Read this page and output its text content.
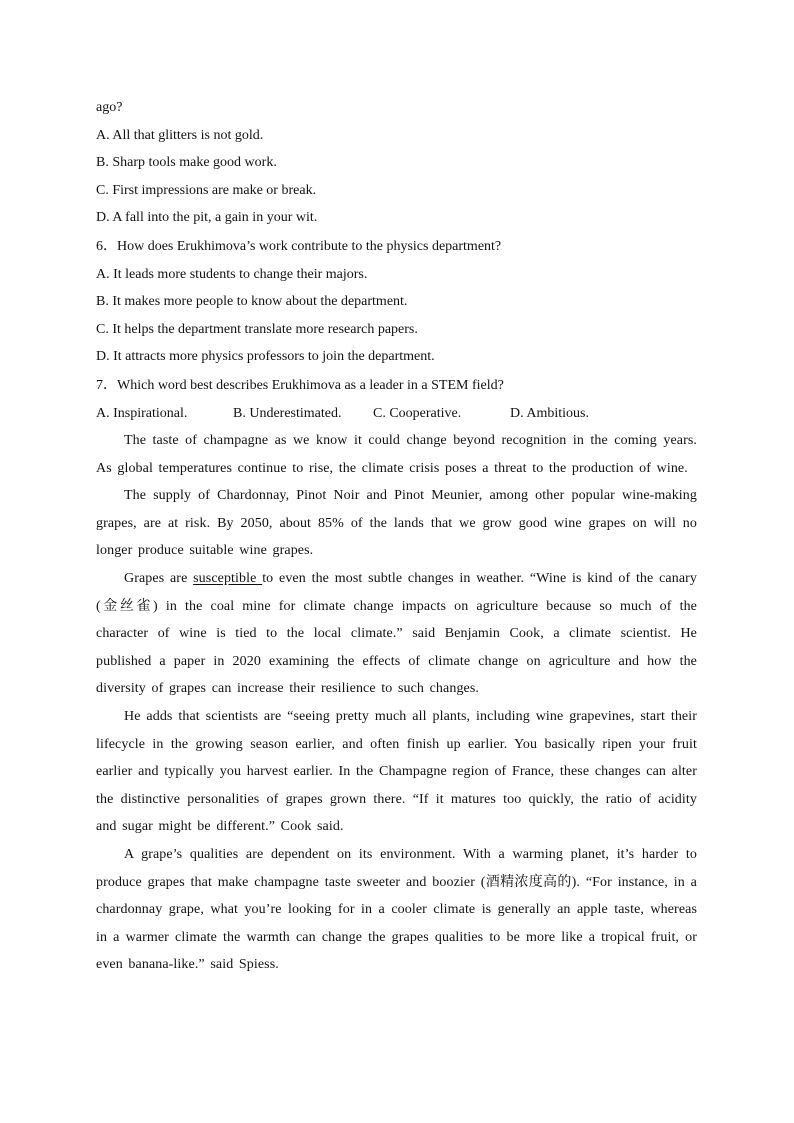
ago?
A. All that glitters is not gold.
B. Sharp tools make good work.
C. First impressions are make or break.
D. A fall into the pit, a gain in your wit.
6．How does Erukhimova’s work contribute to the physics department?
A. It leads more students to change their majors.
B. It makes more people to know about the department.
C. It helps the department translate more research papers.
D. It attracts more physics professors to join the department.
7．Which word best describes Erukhimova as a leader in a STEM field?
A. Inspirational.	B. Underestimated.	C. Cooperative.	D. Ambitious.

The taste of champagne as we know it could change beyond recognition in the coming years. As global temperatures continue to rise, the climate crisis poses a threat to the production of wine.

The supply of Chardonnay, Pinot Noir and Pinot Meunier, among other popular wine-making grapes, are at risk. By 2050, about 85% of the lands that we grow good wine grapes on will no longer produce suitable wine grapes.

Grapes are susceptible to even the most subtle changes in weather. “Wine is kind of the canary (金丝雀) in the coal mine for climate change impacts on agriculture because so much of the character of wine is tied to the local climate.” said Benjamin Cook, a climate scientist. He published a paper in 2020 examining the effects of climate change on agriculture and how the diversity of grapes can increase their resilience to such changes.

He adds that scientists are “seeing pretty much all plants, including wine grapevines, start their lifecycle in the growing season earlier, and often finish up earlier. You basically ripen your fruit earlier and typically you harvest earlier. In the Champagne region of France, these changes can alter the distinctive personalities of grapes grown there. “If it matures too quickly, the ratio of acidity and sugar might be different.” Cook said.

A grape’s qualities are dependent on its environment. With a warming planet, it’s harder to produce grapes that make champagne taste sweeter and boozier (酒精浓度高的). “For instance, in a chardonnay grape, what you’re looking for in a cooler climate is generally an apple taste, whereas in a warmer climate the warmth can change the grapes qualities to be more like a tropical fruit, or even banana-like.” said Spiess.
